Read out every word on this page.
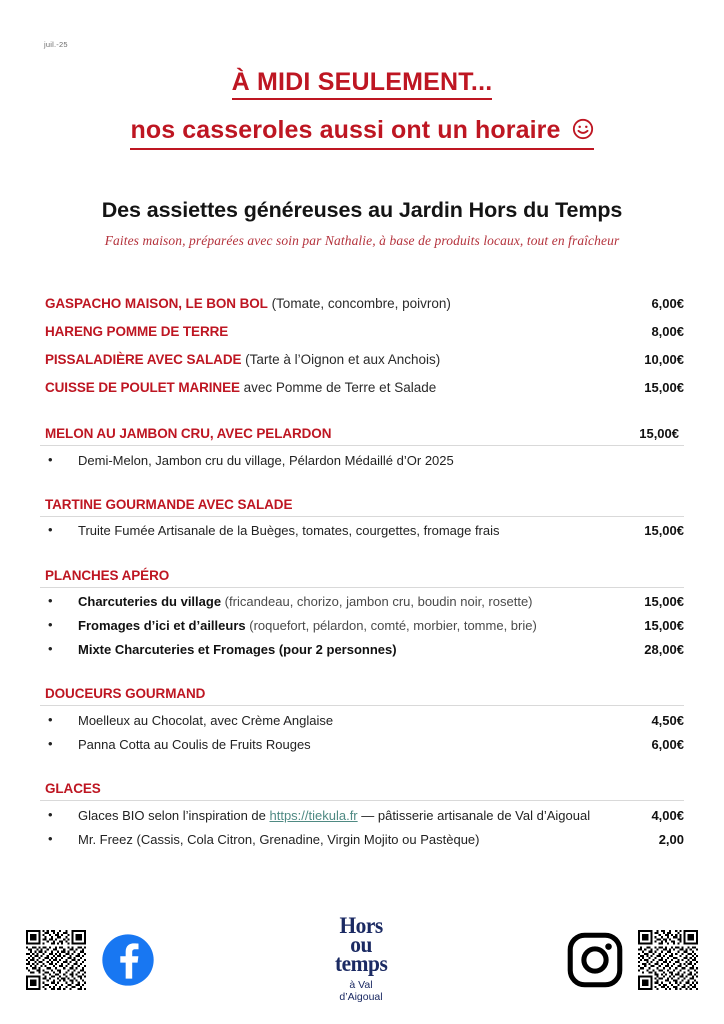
juil.-25
À MIDI SEULEMENT...
nos casseroles aussi ont un horaire
Des assiettes généreuses au Jardin Hors du Temps
Faites maison, préparées avec soin par Nathalie, à base de produits locaux, tout en fraîcheur
GASPACHO MAISON, LE BON BOL (Tomate, concombre, poivron)	6,00€
HARENG POMME DE TERRE	8,00€
PISSALADIÈRE AVEC SALADE (Tarte à l’Oignon et aux Anchois)	10,00€
CUISSE DE POULET MARINEE avec Pomme de Terre et Salade	15,00€
MELON AU JAMBON CRU, AVEC PELARDON	15,00€
• Demi-Melon, Jambon cru du village, Pélardon Médaillé d’Or 2025
TARTINE GOURMANDE AVEC SALADE
• Truite Fumée Artisanale de la Buèges, tomates, courgettes, fromage frais	15,00€
PLANCHES APÉRO
• Charcuteries du village (fricandeau, chorizo, jambon cru, boudin noir, rosette)	15,00€
• Fromages d’ici et d’ailleurs (roquefort, pélardon, comté, morbier, tomme, brie)	15,00€
• Mixte Charcuteries et Fromages (pour 2 personnes)	28,00€
DOUCEURS GOURMAND
• Moelleux au Chocolat, avec Crème Anglaise	4,50€
• Panna Cotta au Coulis de Fruits Rouges	6,00€
GLACES
• Glaces BIO selon l’inspiration de https://tiekula.fr — pâtisserie artisanale de Val d’Aigoual	4,00€
• Mr. Freez (Cassis, Cola Citron, Grenadine, Virgin Mojito ou Pastèque)	2,00
Hors
ou
temps
à Val
d’Aigoual
